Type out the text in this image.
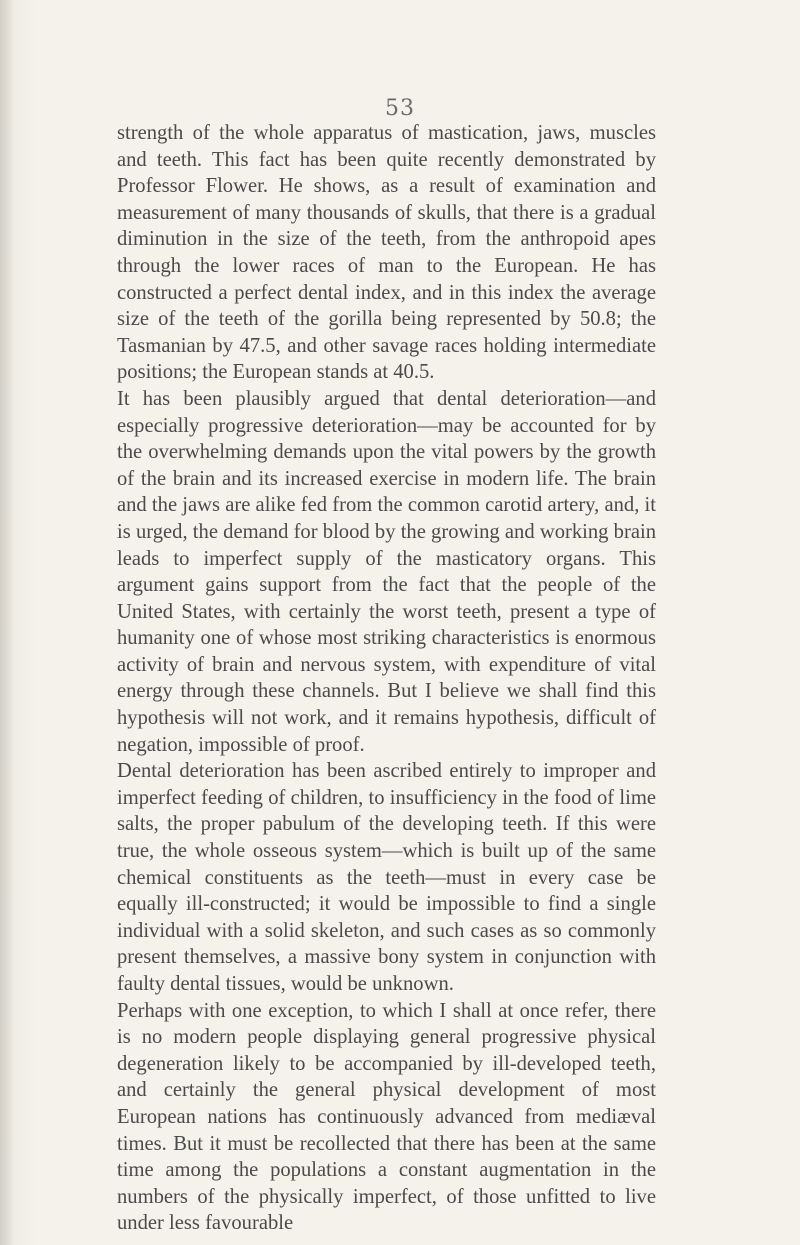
53

strength of the whole apparatus of mastication, jaws, muscles and teeth. This fact has been quite recently demonstrated by Professor Flower. He shows, as a result of examination and measurement of many thousands of skulls, that there is a gradual diminution in the size of the teeth, from the anthropoid apes through the lower races of man to the European. He has constructed a perfect dental index, and in this index the average size of the teeth of the gorilla being represented by 50.8; the Tasmanian by 47.5, and other savage races holding intermediate positions; the European stands at 40.5.

It has been plausibly argued that dental deterioration—and especially progressive deterioration—may be accounted for by the overwhelming demands upon the vital powers by the growth of the brain and its increased exercise in modern life. The brain and the jaws are alike fed from the common carotid artery, and, it is urged, the demand for blood by the growing and working brain leads to imperfect supply of the masticatory organs. This argument gains support from the fact that the people of the United States, with certainly the worst teeth, present a type of humanity one of whose most striking characteristics is enormous activity of brain and nervous system, with expenditure of vital energy through these channels. But I believe we shall find this hypothesis will not work, and it remains hypothesis, difficult of negation, impossible of proof.

Dental deterioration has been ascribed entirely to improper and imperfect feeding of children, to insufficiency in the food of lime salts, the proper pabulum of the developing teeth. If this were true, the whole osseous system—which is built up of the same chemical constituents as the teeth—must in every case be equally ill-constructed; it would be impossible to find a single individual with a solid skeleton, and such cases as so commonly present themselves, a massive bony system in conjunction with faulty dental tissues, would be unknown.

Perhaps with one exception, to which I shall at once refer, there is no modern people displaying general progressive physical degeneration likely to be accompanied by ill-developed teeth, and certainly the general physical development of most European nations has continuously advanced from mediæval times. But it must be recollected that there has been at the same time among the populations a constant augmentation in the numbers of the physically imperfect, of those unfitted to live under less favourable
